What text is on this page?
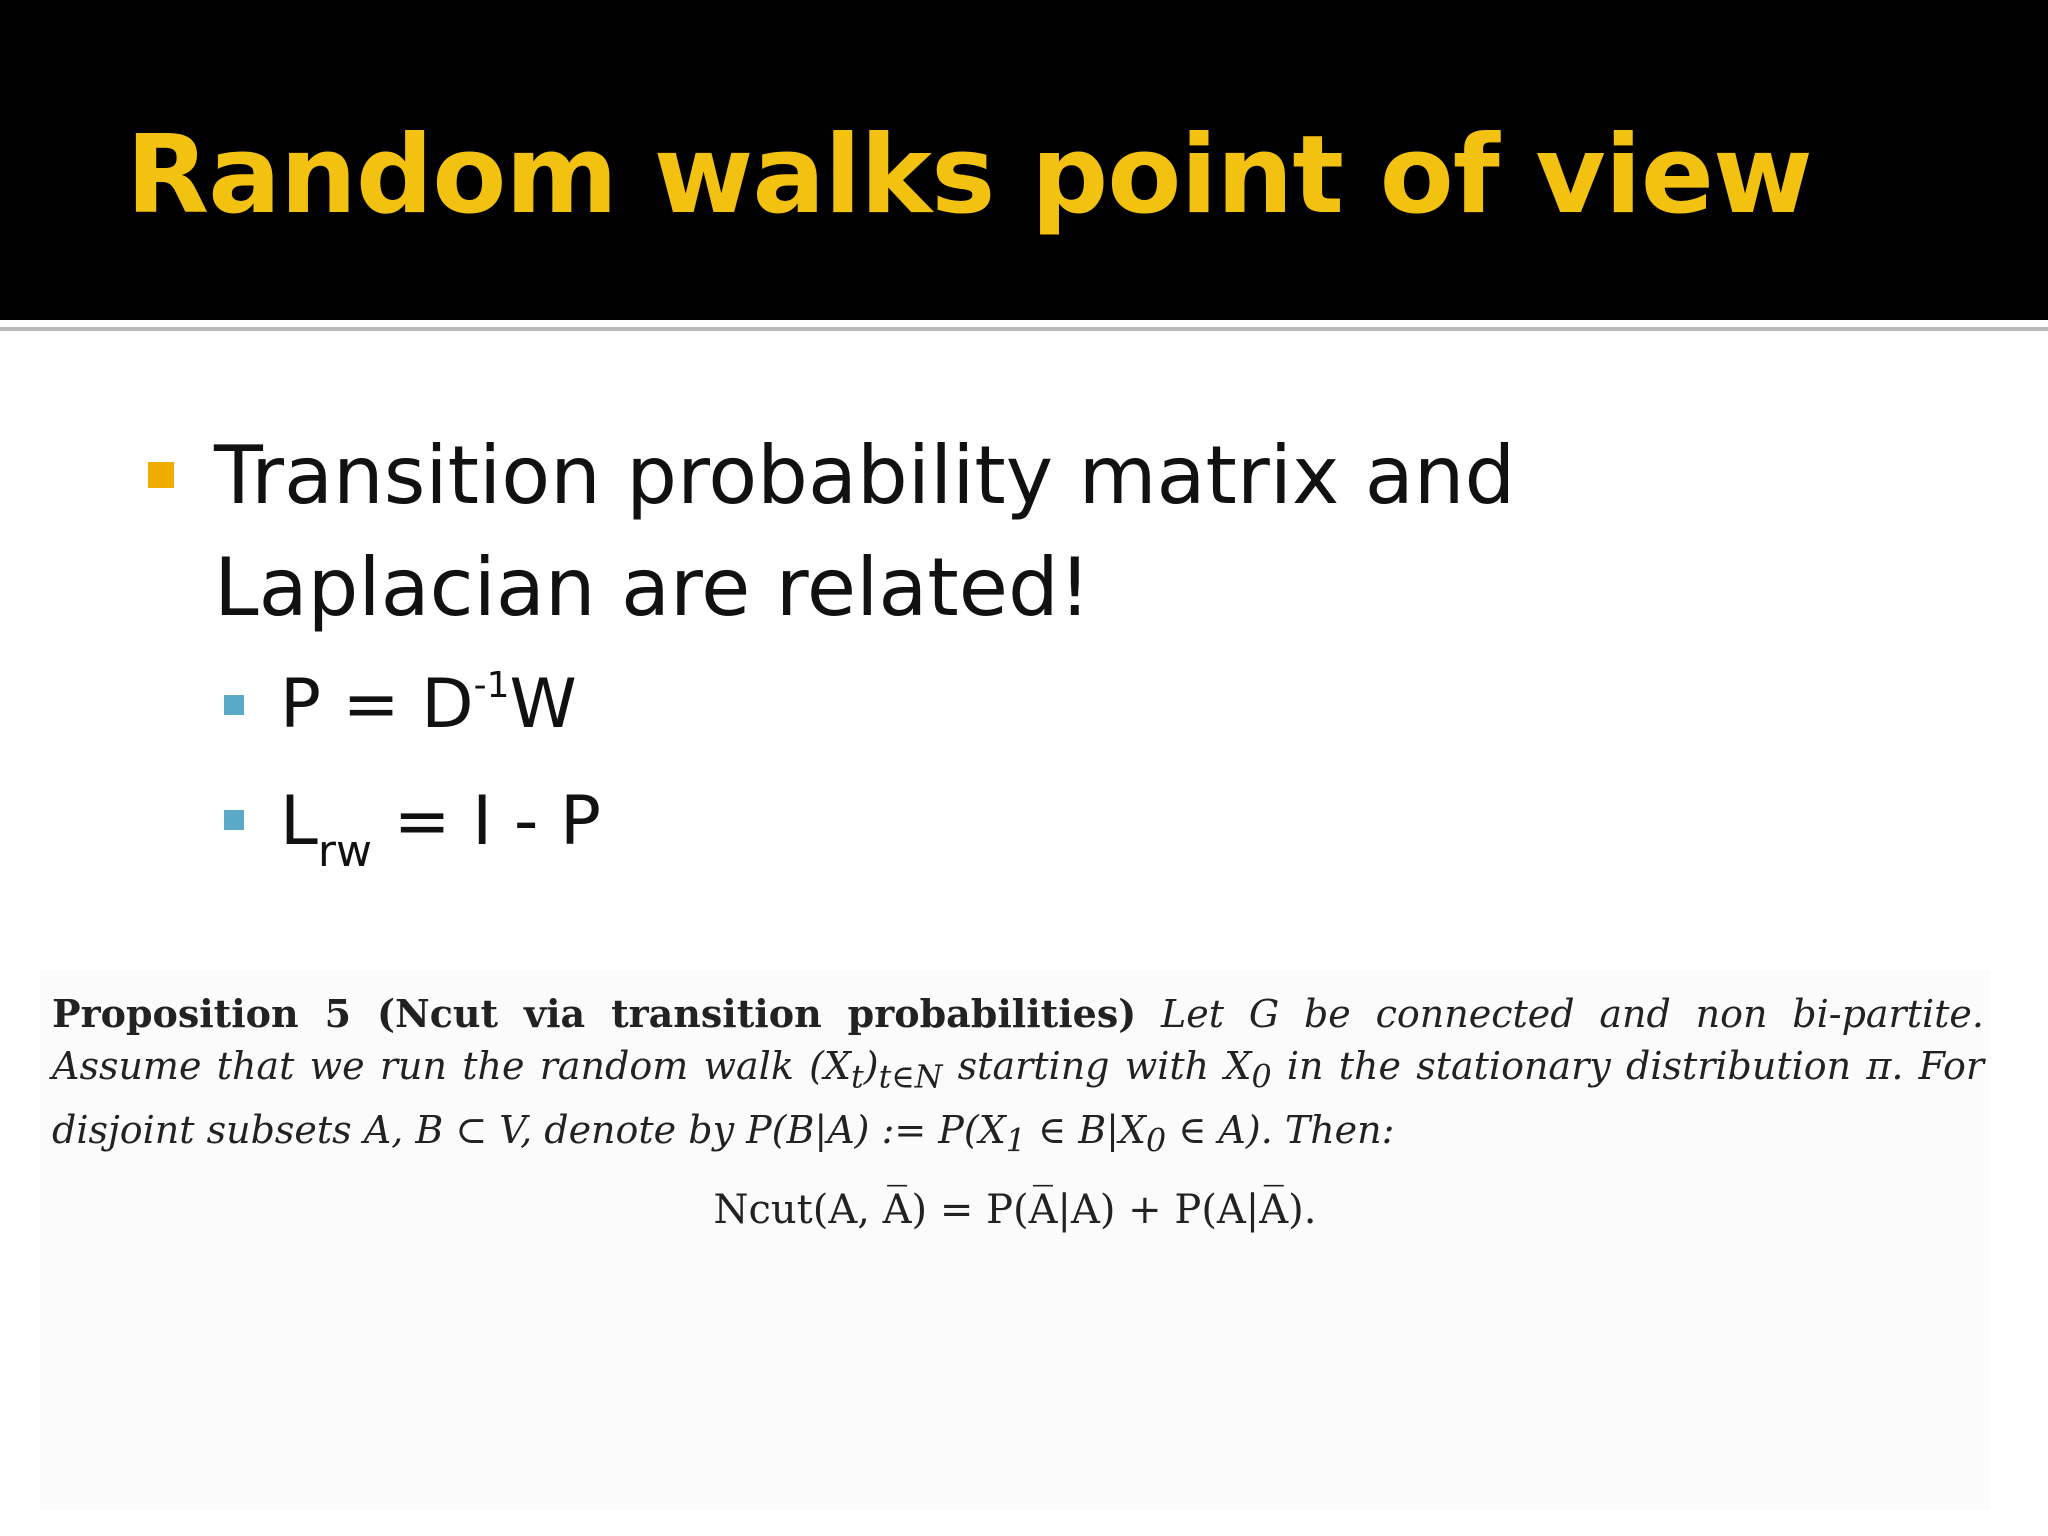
Random walks point of view

Transition probability matrix and Laplacian are related!

$P = D^{-1}W$
$L_{rw} = I - P$

Proposition 5 (Ncut via transition probabilities) Let G be connected and non bi-partite. Assume that we run the random walk $(X_t)_{t\in N}$ starting with $X_0$ in the stationary distribution π. For disjoint subsets A, B ⊂ V, denote by P(B|A) := $P(X_1$ ∈ $B|X_0$ ∈ A). Then:

Ncut(A, A̅) = P(A̅|A) + P(A|A̅).
